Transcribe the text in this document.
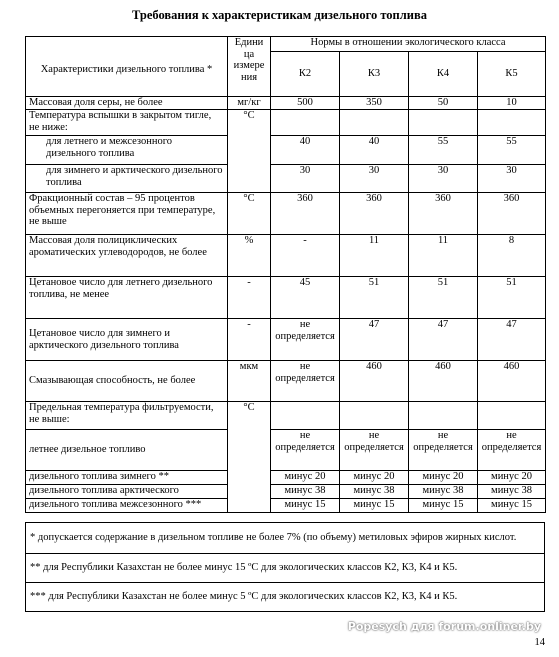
Требования к характеристикам дизельного топлива
Характеристики дизельного топлива *	Едини ца измере ния	Нормы в отношении экологического класса			
		К2	К3	К4	К5
Массовая доля серы, не более	мг/кг	500	350	50	10
Температура вспышки в закрытом тигле, не ниже:	°С				
для летнего и межсезонного дизельного топлива		40	40	55	55
для зимнего и арктического дизельного топлива		30	30	30	30
Фракционный состав – 95 процентов объемных перегоняется при температуре, не выше	°С	360	360	360	360
Массовая доля полициклических ароматических углеводородов, не более	%	-	11	11	8
Цетановое число для летнего дизельного топлива, не менее	-	45	51	51	51
Цетановое число для зимнего и арктического дизельного топлива	-	не определяется	47	47	47
Смазывающая способность, не более	мкм	не определяется	460	460	460
Предельная температура фильтруемости, не выше:	°С				
летнее дизельное топливо		не определяется	не определяется	не определяется	не определяется
дизельного топлива зимнего **		минус 20	минус 20	минус 20	минус 20
дизельного топлива арктического		минус 38	минус 38	минус 38	минус 38
дизельного топлива межсезонного ***		минус 15	минус 15	минус 15	минус 15
* допускается содержание в дизельном топливе не более 7% (по объему) метиловых эфиров жирных кислот.
** для Республики Казахстан не более минус 15 ºС для экологических классов К2, К3, К4 и К5.
*** для Республики Казахстан не более минус 5 ºС для экологических классов К2, К3, К4 и К5.
Popesych для forum.onliner.by
14
